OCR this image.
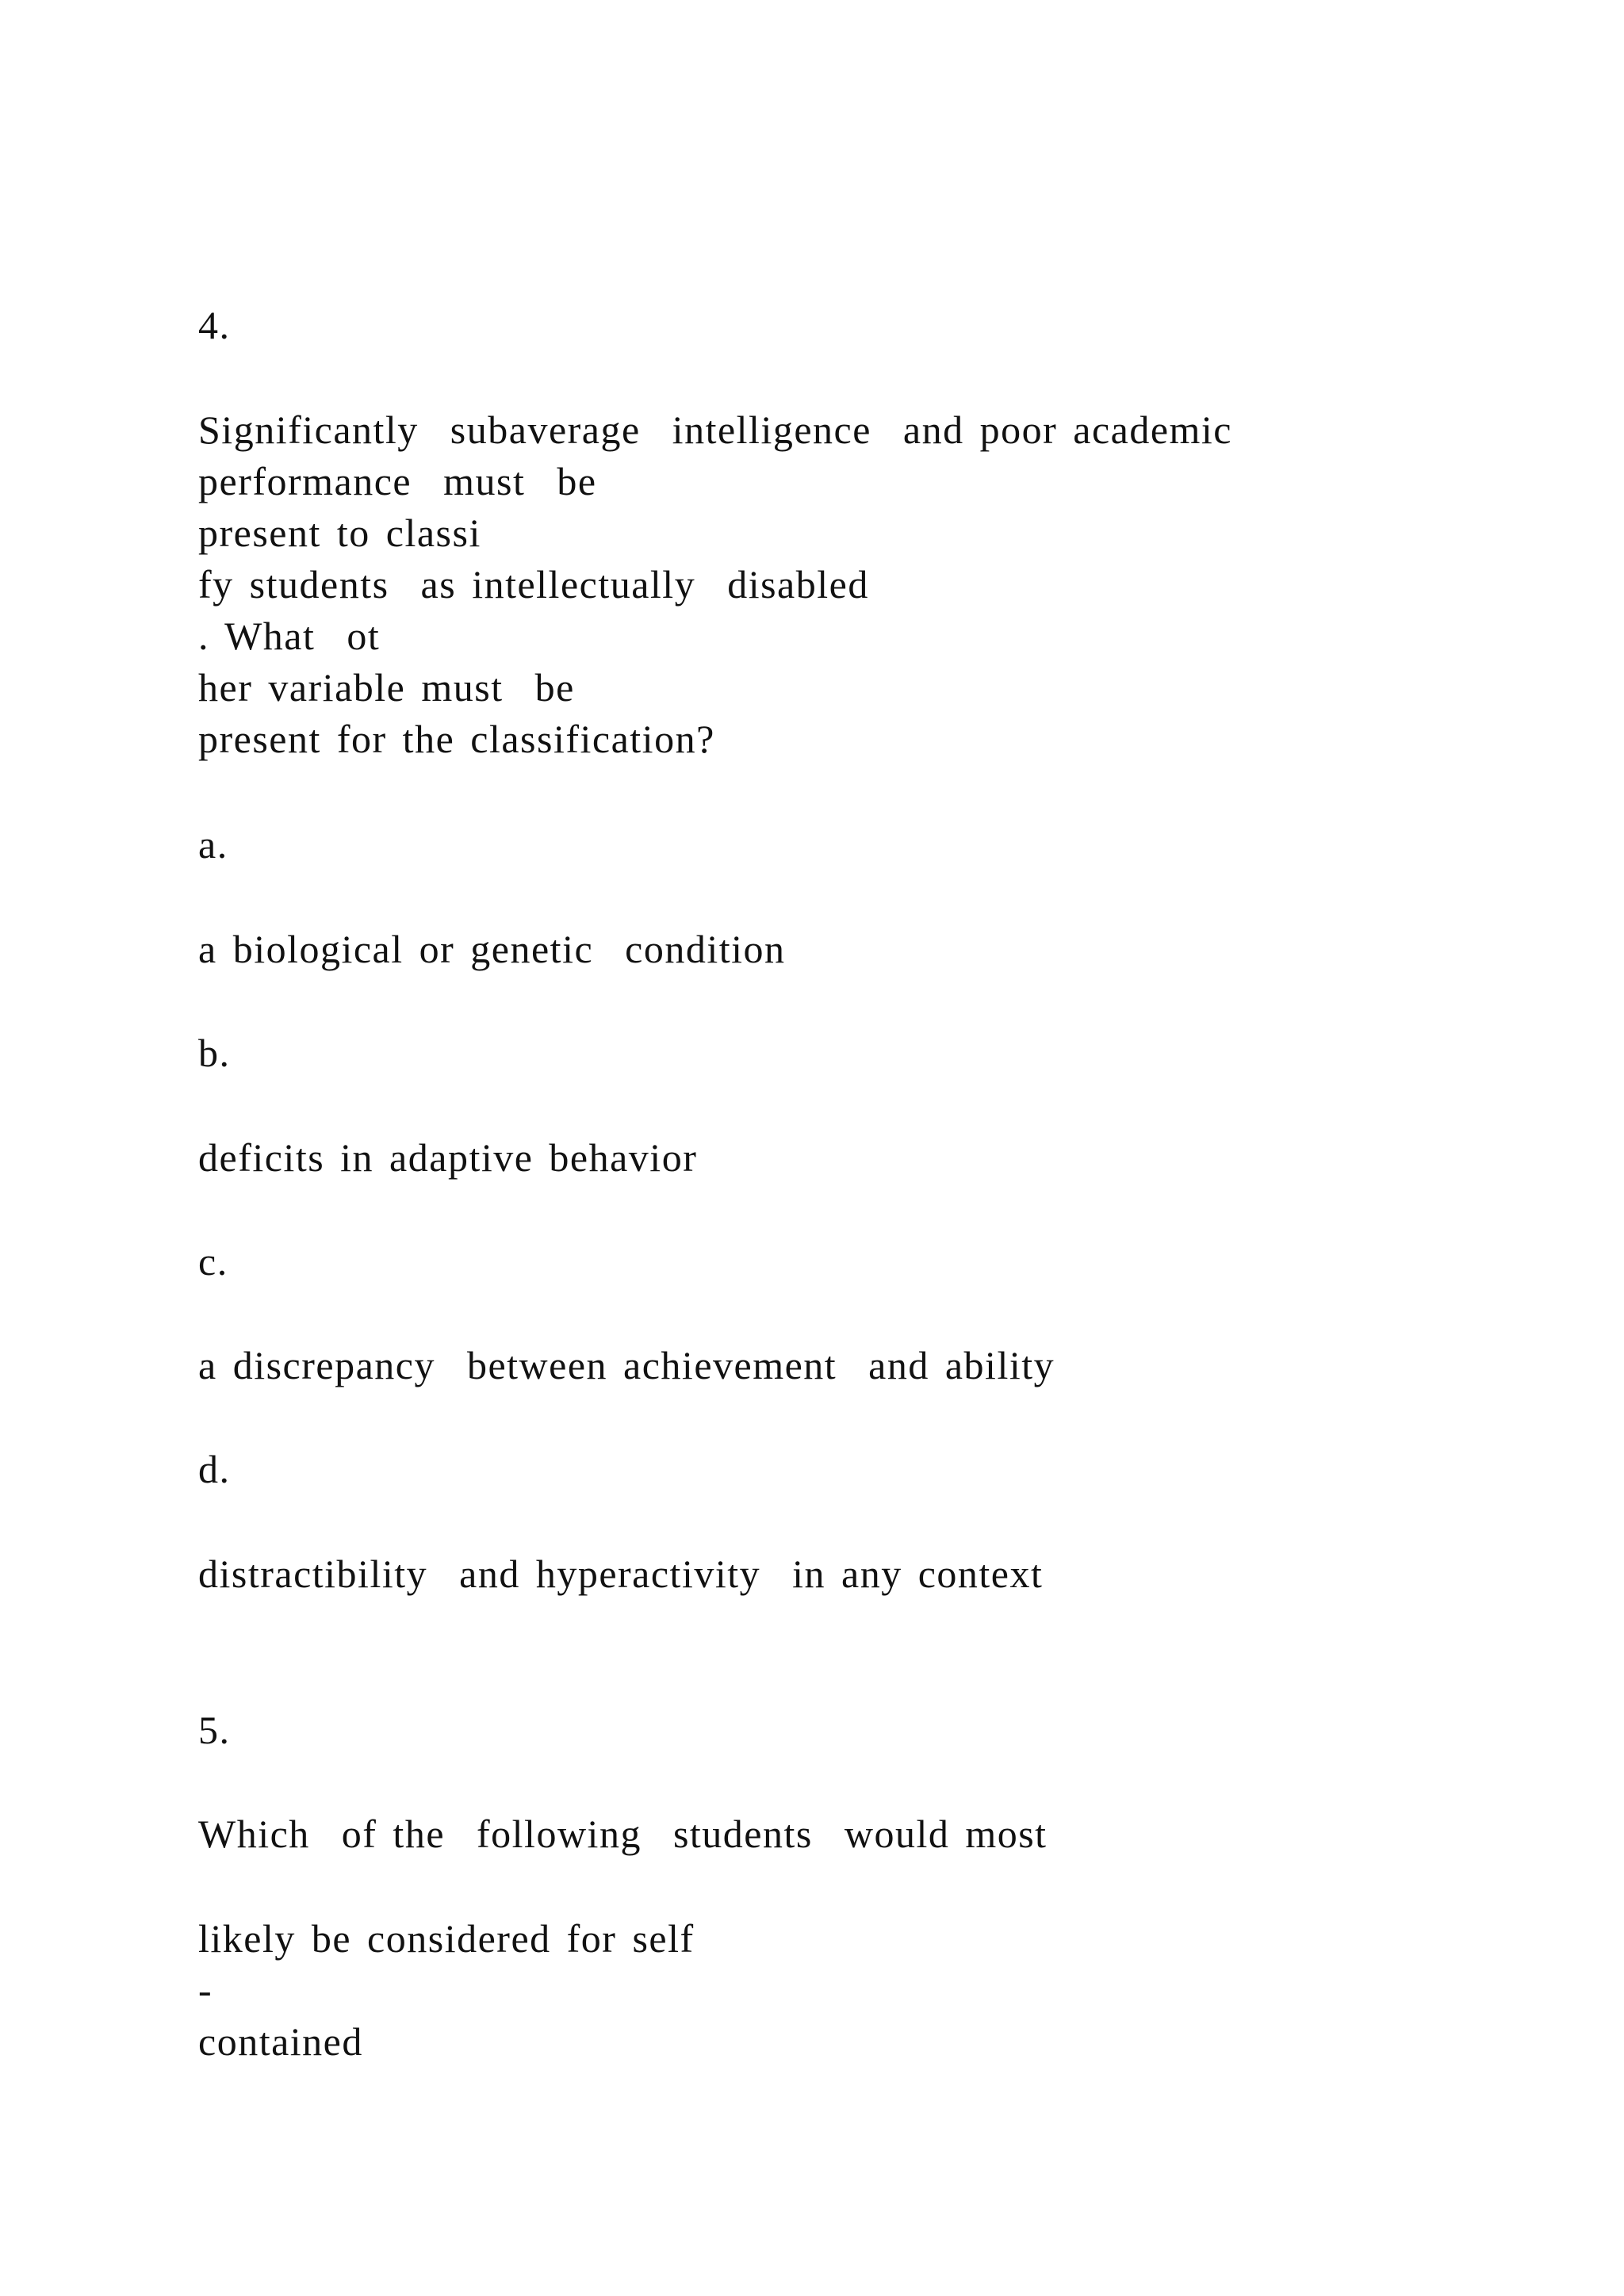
4.
Significantly  subaverage  intelligence  and poor academic
performance  must  be
present to classi
fy students  as intellectually  disabled
. What  ot
her variable must  be
present for the classification?
a.
a biological or genetic  condition
b.
deficits in adaptive behavior
c.
a discrepancy  between achievement  and ability
d.
distractibility  and hyperactivity  in any context
5.
Which  of the  following  students  would most
likely be considered for self
-
contained
